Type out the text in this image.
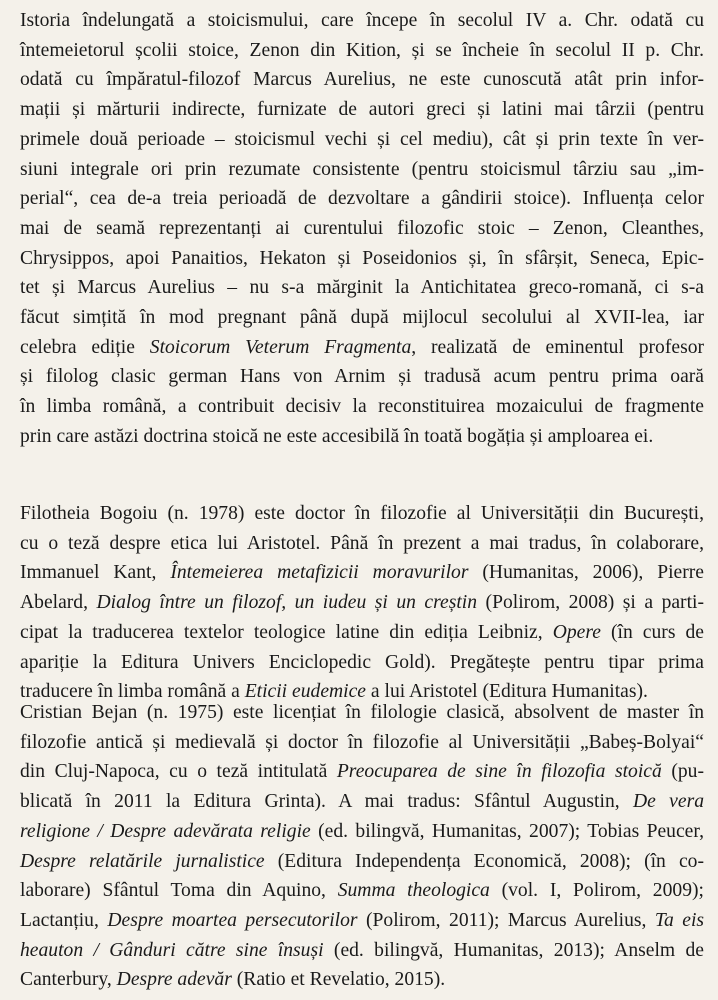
Istoria îndelungată a stoicismului, care începe în secolul IV a. Chr. odată cu
întemeietorul școlii stoice, Zenon din Kition, și se încheie în secolul II p. Chr.
odată cu împăratul-filozof Marcus Aurelius, ne este cunoscută atât prin infor-
mații și mărturii indirecte, furnizate de autori greci și latini mai târzii (pentru
primele două perioade – stoicismul vechi și cel mediu), cât și prin texte în ver-
siuni integrale ori prin rezumate consistente (pentru stoicismul târziu sau „im-
perial“, cea de-a treia perioadă de dezvoltare a gândirii stoice). Influența celor
mai de seamă reprezentanți ai curentului filozofic stoic – Zenon, Cleanthes,
Chrysippos, apoi Panaitios, Hekaton și Poseidonios și, în sfârșit, Seneca, Epic-
tet și Marcus Aurelius – nu s-a mărginit la Antichitatea greco-romană, ci s-a
făcut simțită în mod pregnant până după mijlocul secolului al XVII-lea, iar
celebra ediție Stoicorum Veterum Fragmenta, realizată de eminentul profesor
și filolog clasic german Hans von Arnim și tradusă acum pentru prima oară
în limba română, a contribuit decisiv la reconstituirea mozaicului de fragmente
prin care astăzi doctrina stoică ne este accesibilă în toată bogăția și amploarea ei.

Filotheia Bogoiu (n. 1978) este doctor în filozofie al Universității din București,
cu o teză despre etica lui Aristotel. Până în prezent a mai tradus, în colaborare,
Immanuel Kant, Întemeierea metafizicii moravurilor (Humanitas, 2006), Pierre
Abelard, Dialog între un filozof, un iudeu și un creștin (Polirom, 2008) și a parti-
cipat la traducerea textelor teologice latine din ediția Leibniz, Opere (în curs de
apariție la Editura Univers Enciclopedic Gold). Pregătește pentru tipar prima
traducere în limba română a Eticii eudemice a lui Aristotel (Editura Humanitas).

Cristian Bejan (n. 1975) este licențiat în filologie clasică, absolvent de master în
filozofie antică și medievală și doctor în filozofie al Universității „Babeș-Bolyai“
din Cluj-Napoca, cu o teză intitulată Preocuparea de sine în filozofia stoică (pu-
blicată în 2011 la Editura Grinta). A mai tradus: Sfântul Augustin, De vera
religione / Despre adevărata religie (ed. bilingvă, Humanitas, 2007); Tobias Peucer,
Despre relatările jurnalistice (Editura Independența Economică, 2008); (în co-
laborare) Sfântul Toma din Aquino, Summa theologica (vol. I, Polirom, 2009);
Lactanțiu, Despre moartea persecutorilor (Polirom, 2011); Marcus Aurelius, Ta eis
heauton / Gânduri către sine însuși (ed. bilingvă, Humanitas, 2013); Anselm de
Canterbury, Despre adevăr (Ratio et Revelatio, 2015).
